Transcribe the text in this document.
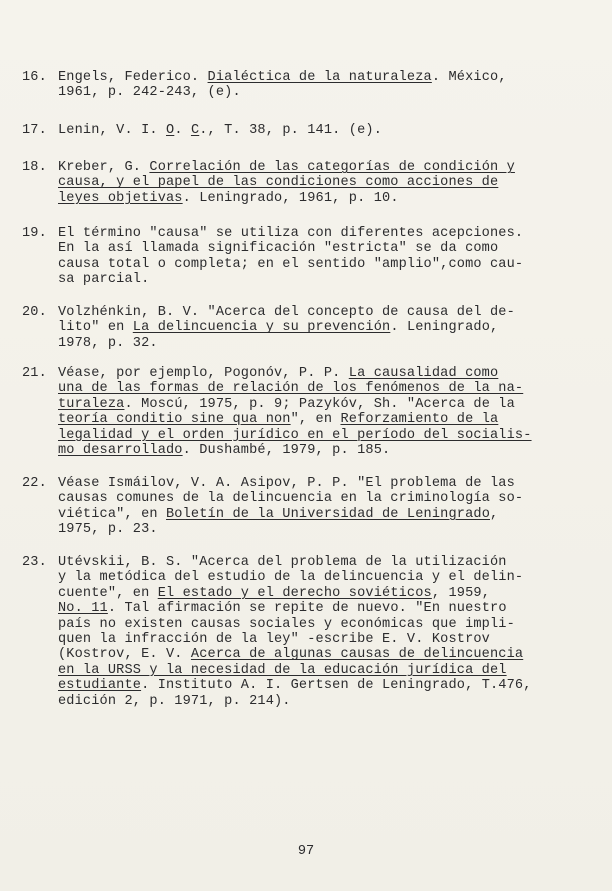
16. Engels, Federico. Dialéctica de la naturaleza. México,
1961, p. 242-243, (e).
17. Lenin, V. I. O. C., T. 38, p. 141. (e).
18. Kreber, G. Correlación de las categorías de condición y
causa, y el papel de las condiciones como acciones de
leyes objetivas. Leningrado, 1961, p. 10.
19. El término "causa" se utiliza con diferentes acepciones.
En la así llamada significación "estricta" se da como
causa total o completa; en el sentido "amplio",como cau-
sa parcial.
20. Volzhénkin, B. V. "Acerca del concepto de causa del de-
lito" en La delincuencia y su prevención. Leningrado,
1978, p. 32.
21. Véase, por ejemplo, Pogonóv, P. P. La causalidad como
una de las formas de relación de los fenómenos de la na-
turaleza. Moscú, 1975, p. 9; Pazykóv, Sh. "Acerca de la
teoría conditio sine qua non", en Reforzamiento de la
legalidad y el orden jurídico en el período del socialis-
mo desarrollado. Dushambé, 1979, p. 185.
22. Véase Ismáilov, V. A. Asipov, P. P. "El problema de las
causas comunes de la delincuencia en la criminología so-
viética", en Boletín de la Universidad de Leningrado,
1975, p. 23.
23. Utévskii, B. S. "Acerca del problema de la utilización
y la metódica del estudio de la delincuencia y el delin-
cuente", en El estado y el derecho soviéticos, 1959,
No. 11. Tal afirmación se repite de nuevo. "En nuestro
país no existen causas sociales y económicas que impli-
quen la infracción de la ley" -escribe E. V. Kostrov
(Kostrov, E. V. Acerca de algunas causas de delincuencia
en la URSS y la necesidad de la educación jurídica del
estudiante. Instituto A. I. Gertsen de Leningrado, T.476,
edición 2, p. 1971, p. 214).
97
